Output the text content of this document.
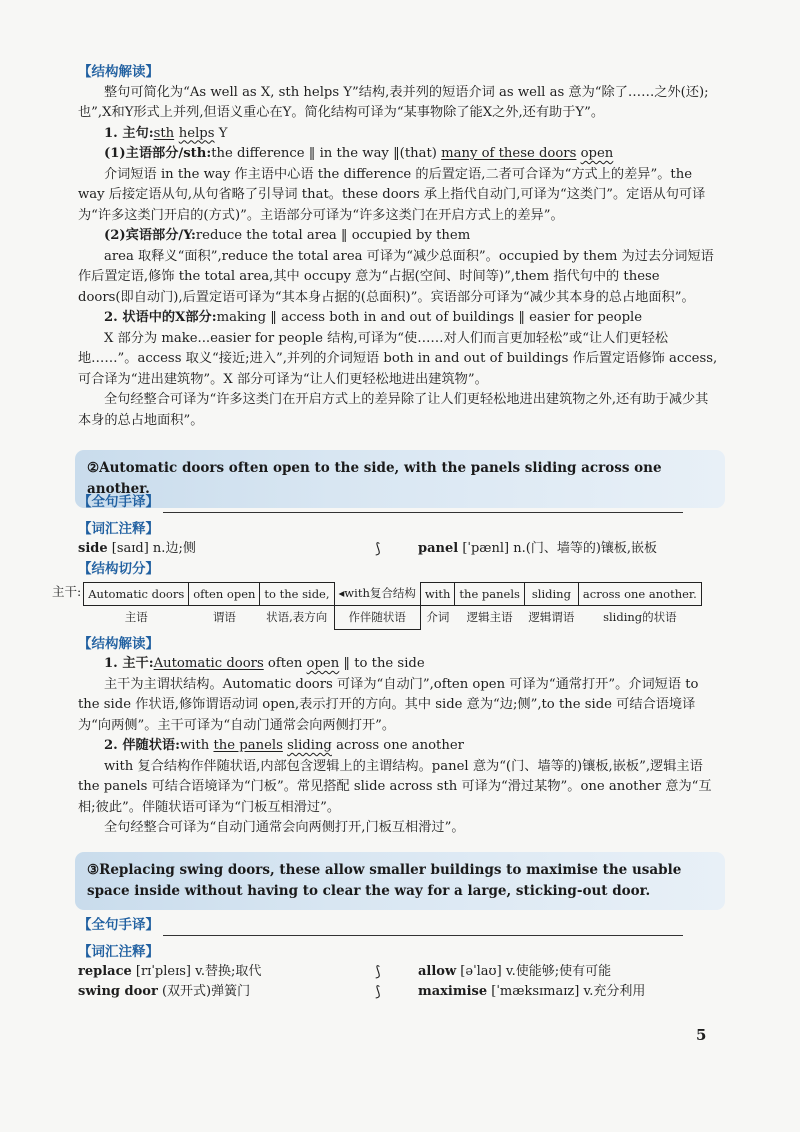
【结构解读】

整句可简化为“As well as X, sth helps Y”结构,表并列的短语介词 as well as 意为“除了……之外(还);也”,X和Y形式上并列,但语义重心在Y。简化结构可译为“某事物除了能X之外,还有助于Y”。

1. 主句:sth helps Y

(1)主语部分/sth:the difference ‖ in the way ‖(that) many of these doors open

介词短语 in the way 作主语中心语 the difference 的后置定语,二者可合译为“方式上的差异”。the way 后接定语从句,从句省略了引导词 that。these doors 承上指代自动门,可译为“这类门”。定语从句可译为“许多这类门开启的(方式)”。主语部分可译为“许多这类门在开启方式上的差异”。

(2)宾语部分/Y:reduce the total area ‖ occupied by them

area 取释义“面积”,reduce the total area 可译为“减少总面积”。occupied by them 为过去分词短语作后置定语,修饰 the total area,其中 occupy 意为“占据(空间、时间等)”,them 指代句中的 these doors(即自动门),后置定语可译为“其本身占据的(总面积)”。宾语部分可译为“减少其本身的总占地面积”。

2. 状语中的X部分:making ‖ access both in and out of buildings ‖ easier for people

X 部分为 make...easier for people 结构,可译为“使……对人们而言更加轻松”或“让人们更轻松地……”。access 取义“接近;进入”,并列的介词短语 both in and out of buildings 作后置定语修饰 access,可合译为“进出建筑物”。X 部分可译为“让人们更轻松地进出建筑物”。

全句经整合可译为“许多这类门在开启方式上的差异除了让人们更轻松地进出建筑物之外,还有助于减少其本身的总占地面积”。

②Automatic doors often open to the side, with the panels sliding across one another.

【全句手译】

【词汇注释】

side [saɪd] n.边;侧	⟆	panel [ˈpænl] n.(门、墙等的)镶板,嵌板

【结构切分】

主干: Automatic doors	often open	to the side,	◂with复合结构	with	the panels	sliding	across one another.
主语	谓语	状语,表方向	作伴随状语	介词	逻辑主语	逻辑谓语	sliding的状语

【结构解读】

1. 主干:Automatic doors often open ‖ to the side

主干为主谓状结构。Automatic doors 可译为“自动门”,often open 可译为“通常打开”。介词短语 to the side 作状语,修饰谓语动词 open,表示打开的方向。其中 side 意为“边;侧”,to the side 可结合语境译为“向两侧”。主干可译为“自动门通常会向两侧打开”。

2. 伴随状语:with the panels sliding across one another

with 复合结构作伴随状语,内部包含逻辑上的主谓结构。panel 意为“(门、墙等的)镶板,嵌板”,逻辑主语 the panels 可结合语境译为“门板”。常见搭配 slide across sth 可译为“滑过某物”。one another 意为“互相;彼此”。伴随状语可译为“门板互相滑过”。

全句经整合可译为“自动门通常会向两侧打开,门板互相滑过”。

③Replacing swing doors, these allow smaller buildings to maximise the usable space inside without having to clear the way for a large, sticking-out door.

【全句手译】

【词汇注释】

replace [rɪˈpleɪs] v.替换;取代	⟆	allow [əˈlaʊ] v.使能够;使有可能
swing door (双开式)弹簧门	⟆	maximise [ˈmæksɪmaɪz] v.充分利用
5
